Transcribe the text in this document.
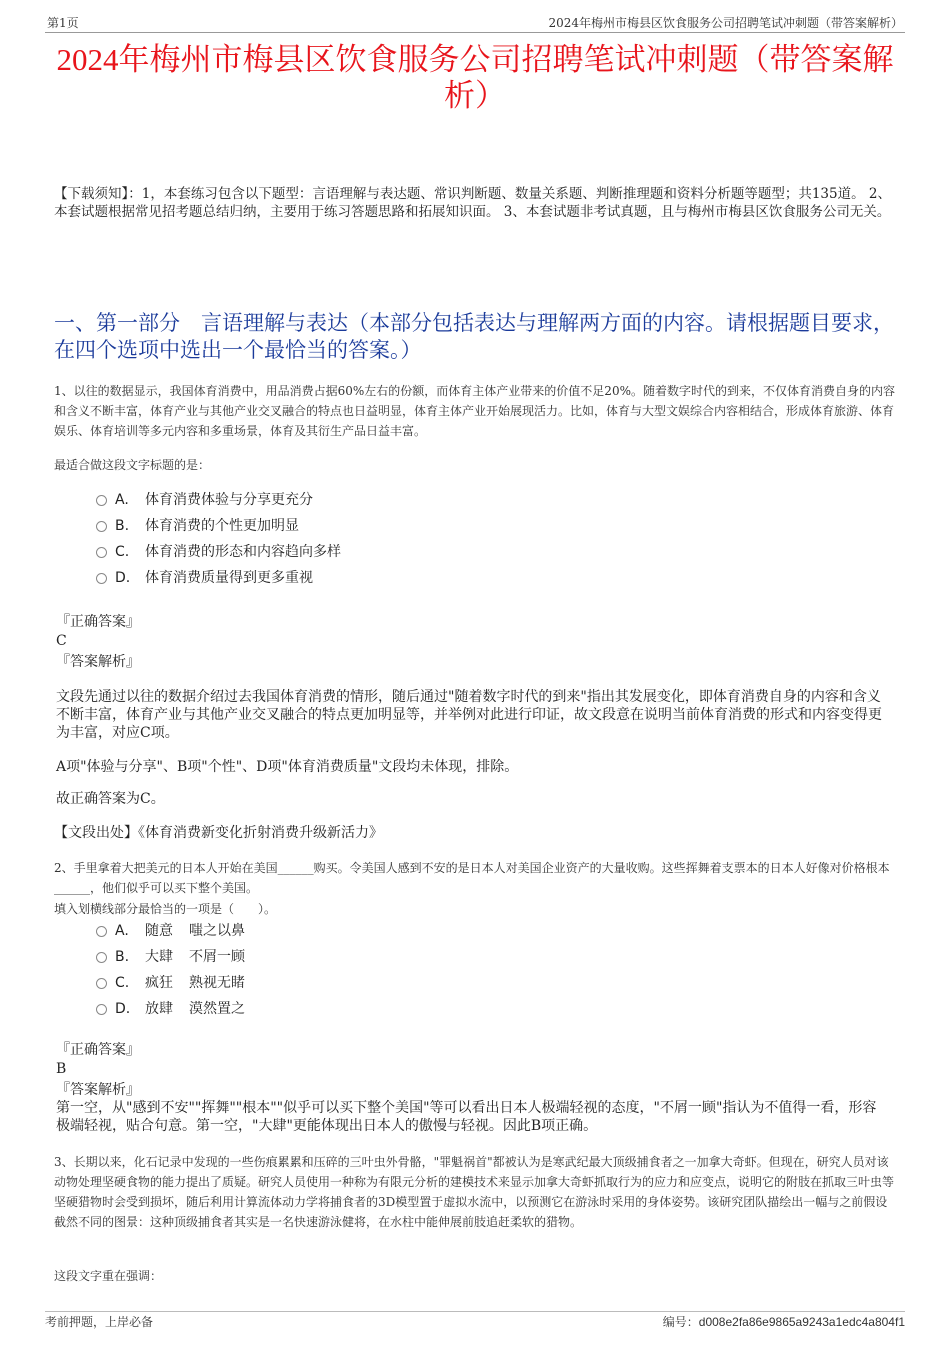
第1页	2024年梅州市梅县区饮食服务公司招聘笔试冲刺题（带答案解析）
2024年梅州市梅县区饮食服务公司招聘笔试冲刺题（带答案解析）
【下载须知】：1，本套练习包含以下题型：言语理解与表达题、常识判断题、数量关系题、判断推理题和资料分析题等题型；共135道。 2、本套试题根据常见招考题总结归纳，主要用于练习答题思路和拓展知识面。 3、本套试题非考试真题，且与梅州市梅县区饮食服务公司无关。
一、第一部分　言语理解与表达（本部分包括表达与理解两方面的内容。请根据题目要求，在四个选项中选出一个最恰当的答案。）
1、以往的数据显示，我国体育消费中，用品消费占据60%左右的份额，而体育主体产业带来的价值不足20%。随着数字时代的到来，不仅体育消费自身的内容和含义不断丰富，体育产业与其他产业交叉融合的特点也日益明显，体育主体产业开始展现活力。比如，体育与大型文娱综合内容相结合，形成体育旅游、体育娱乐、体育培训等多元内容和多重场景，体育及其衍生产品日益丰富。
最适合做这段文字标题的是：
A. 体育消费体验与分享更充分
B. 体育消费的个性更加明显
C. 体育消费的形态和内容趋向多样
D. 体育消费质量得到更多重视
『正确答案』
C
『答案解析』
文段先通过以往的数据介绍过去我国体育消费的情形，随后通过"随着数字时代的到来"指出其发展变化，即体育消费自身的内容和含义不断丰富，体育产业与其他产业交叉融合的特点更加明显等，并举例对此进行印证，故文段意在说明当前体育消费的形式和内容变得更为丰富，对应C项。
A项"体验与分享"、B项"个性"、D项"体育消费质量"文段均未体现，排除。
故正确答案为C。
【文段出处】《体育消费新变化折射消费升级新活力》
2、手里拿着大把美元的日本人开始在美国______购买。令美国人感到不安的是日本人对美国企业资产的大量收购。这些挥舞着支票本的日本人好像对价格根本______，他们似乎可以买下整个美国。
填入划横线部分最恰当的一项是（　　）。
A. 随意 嗤之以鼻
B. 大肆 不屑一顾
C. 疯狂 熟视无睹
D. 放肆 漠然置之
『正确答案』
B
『答案解析』
第一空，从"感到不安""挥舞""根本""似乎可以买下整个美国"等可以看出日本人极端轻视的态度，"不屑一顾"指认为不值得一看，形容极端轻视，贴合句意。第一空，"大肆"更能体现出日本人的傲慢与轻视。因此B项正确。
3、长期以来，化石记录中发现的一些伤痕累累和压碎的三叶虫外骨骼，"罪魁祸首"都被认为是寒武纪最大顶级捕食者之一加拿大奇虾。但现在，研究人员对该动物处理坚硬食物的能力提出了质疑。研究人员使用一种称为有限元分析的建模技术来显示加拿大奇虾抓取行为的应力和应变点，说明它的附肢在抓取三叶虫等坚硬猎物时会受到损坏，随后利用计算流体动力学将捕食者的3D模型置于虚拟水流中，以预测它在游泳时采用的身体姿势。该研究团队描绘出一幅与之前假设截然不同的图景：这种顶级捕食者其实是一名快速游泳健将，在水柱中能伸展前肢追赶柔软的猎物。
这段文字重在强调：
考前押题，上岸必备	编号：d008e2fa86e9865a9243a1edc4a804f1
